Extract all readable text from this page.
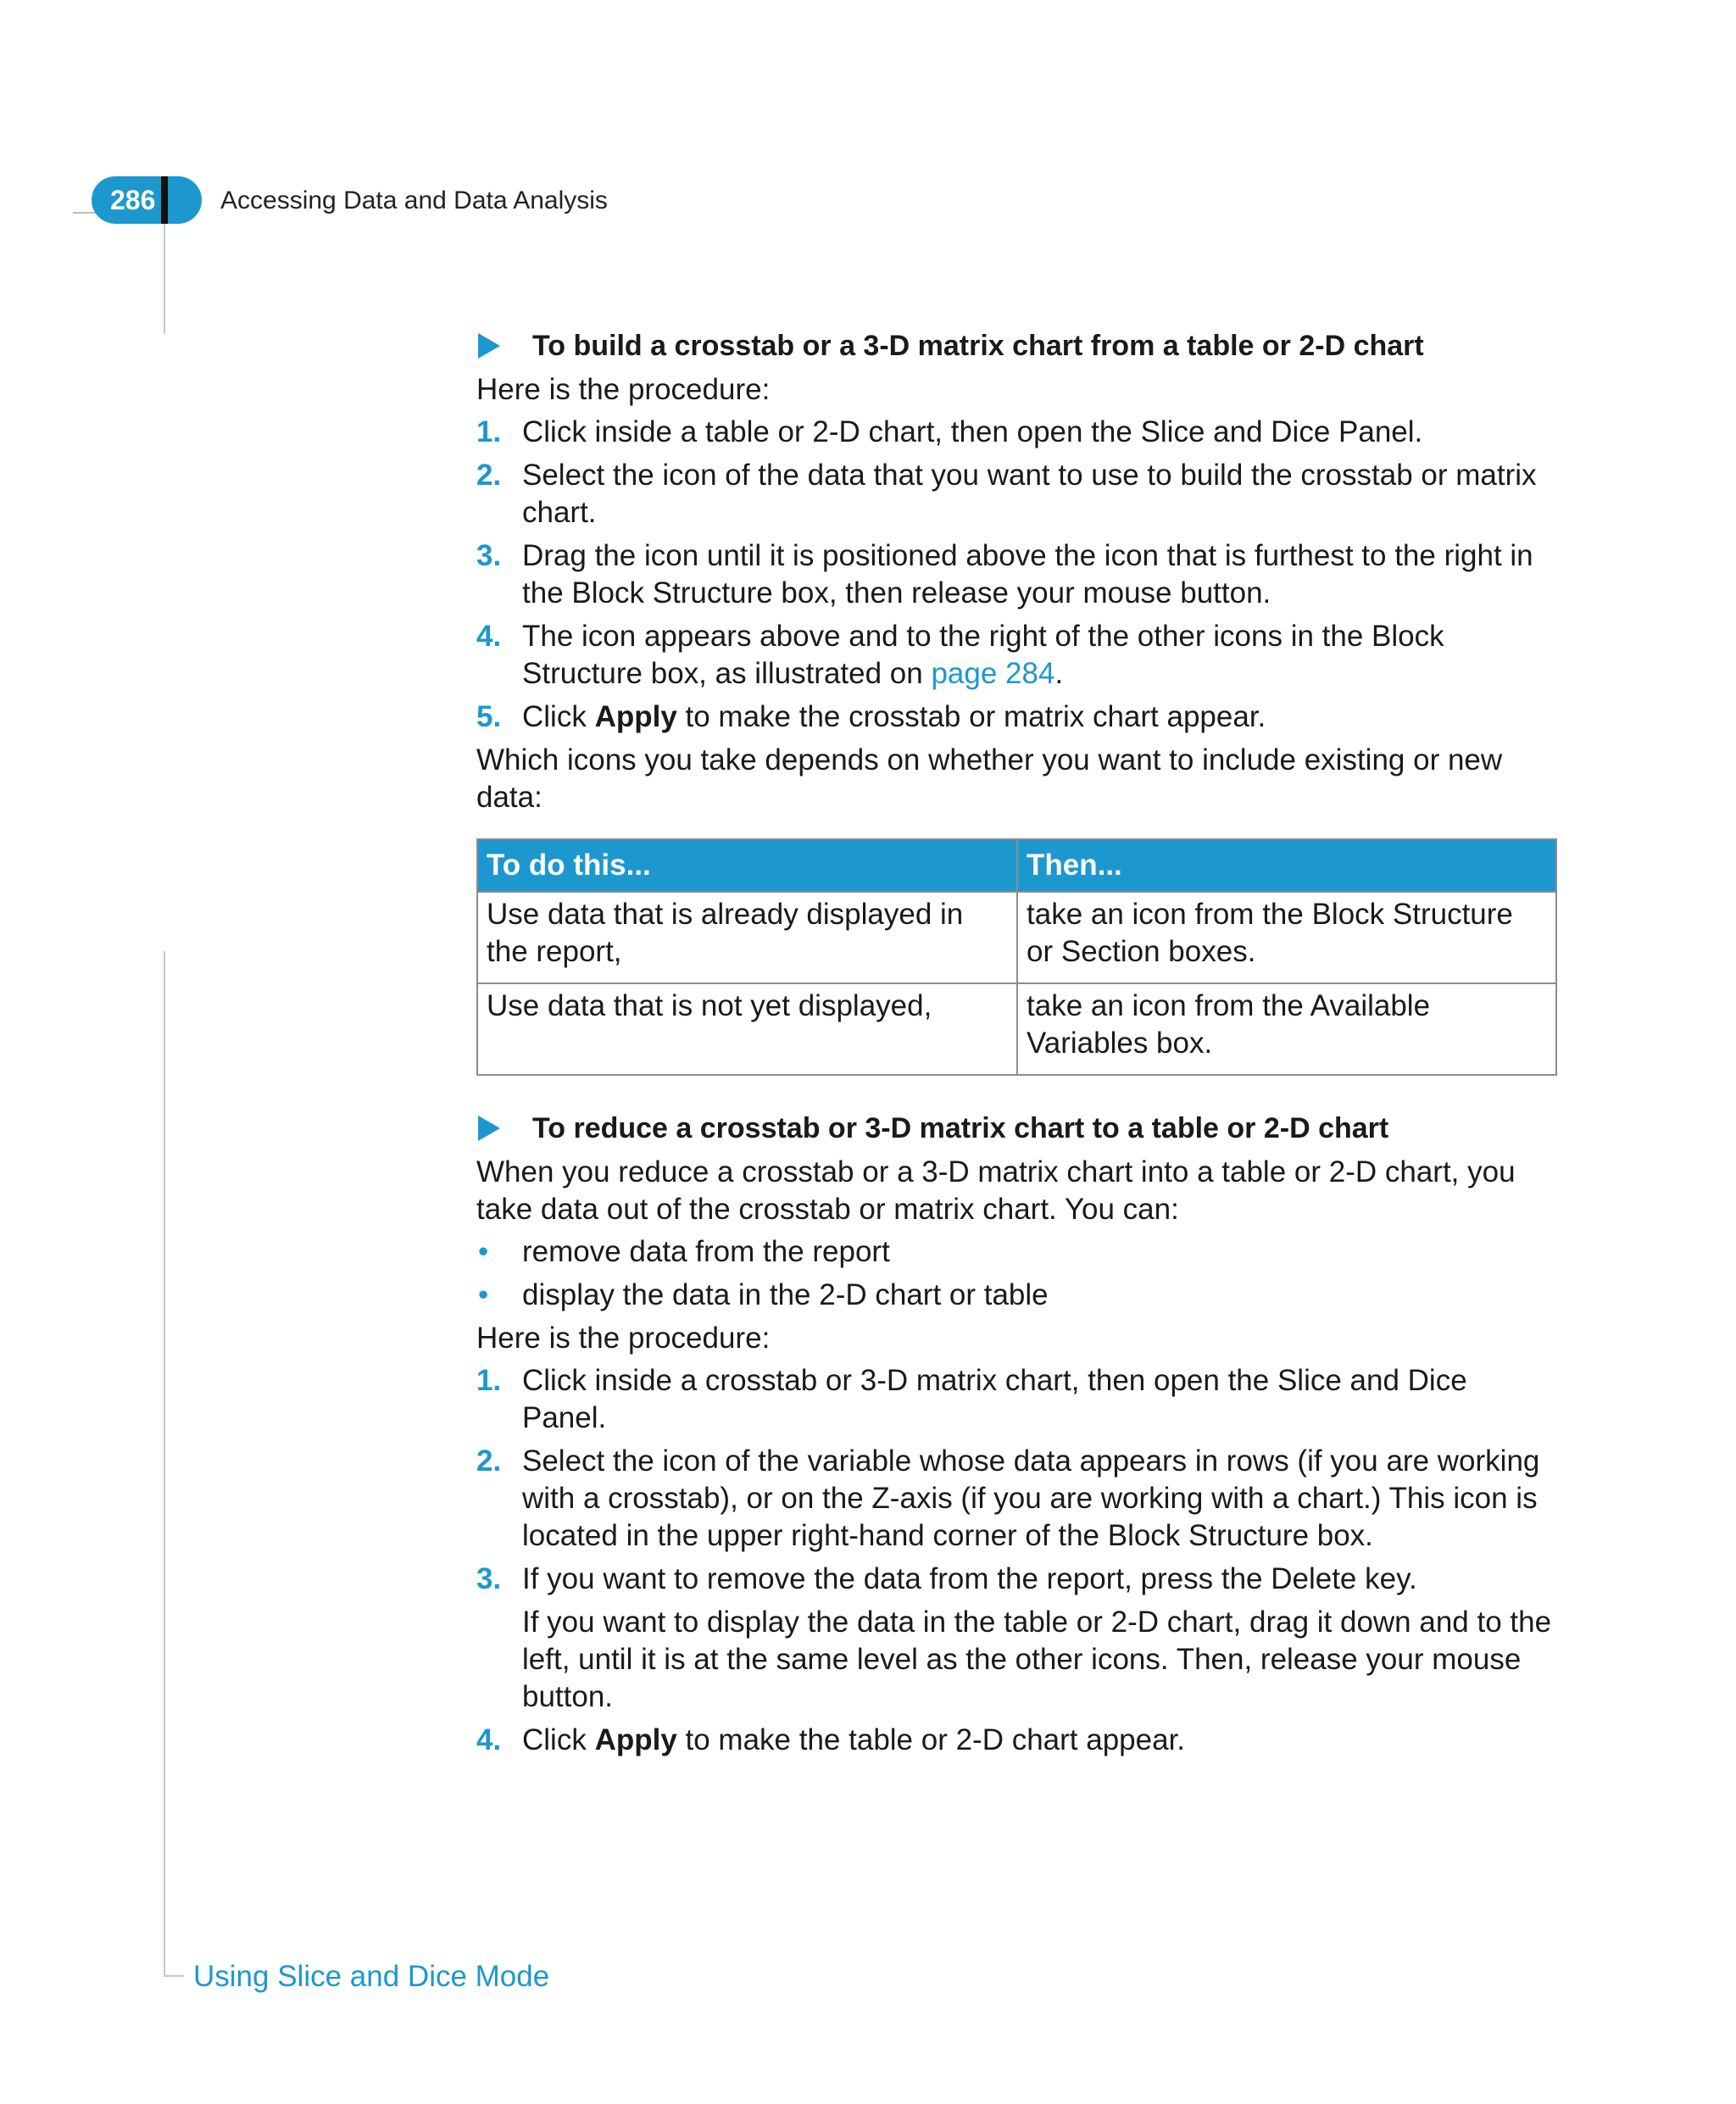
286	Accessing Data and Data Analysis
To build a crosstab or a 3-D matrix chart from a table or 2-D chart

Here is the procedure:

1. Click inside a table or 2-D chart, then open the Slice and Dice Panel.
2. Select the icon of the data that you want to use to build the crosstab or matrix chart.
3. Drag the icon until it is positioned above the icon that is furthest to the right in the Block Structure box, then release your mouse button.
4. The icon appears above and to the right of the other icons in the Block Structure box, as illustrated on page 284.
5. Click Apply to make the crosstab or matrix chart appear.

Which icons you take depends on whether you want to include existing or new data:

To do this...	Then...
Use data that is already displayed in the report,	take an icon from the Block Structure or Section boxes.
Use data that is not yet displayed,	take an icon from the Available Variables box.
To reduce a crosstab or 3-D matrix chart to a table or 2-D chart

When you reduce a crosstab or a 3-D matrix chart into a table or 2-D chart, you take data out of the crosstab or matrix chart. You can:

• remove data from the report
• display the data in the 2-D chart or table

Here is the procedure:

1. Click inside a crosstab or 3-D matrix chart, then open the Slice and Dice Panel.
2. Select the icon of the variable whose data appears in rows (if you are working with a crosstab), or on the Z-axis (if you are working with a chart.) This icon is located in the upper right-hand corner of the Block Structure box.
3. If you want to remove the data from the report, press the Delete key.

If you want to display the data in the table or 2-D chart, drag it down and to the left, until it is at the same level as the other icons. Then, release your mouse button.

4. Click Apply to make the table or 2-D chart appear.
Using Slice and Dice Mode
